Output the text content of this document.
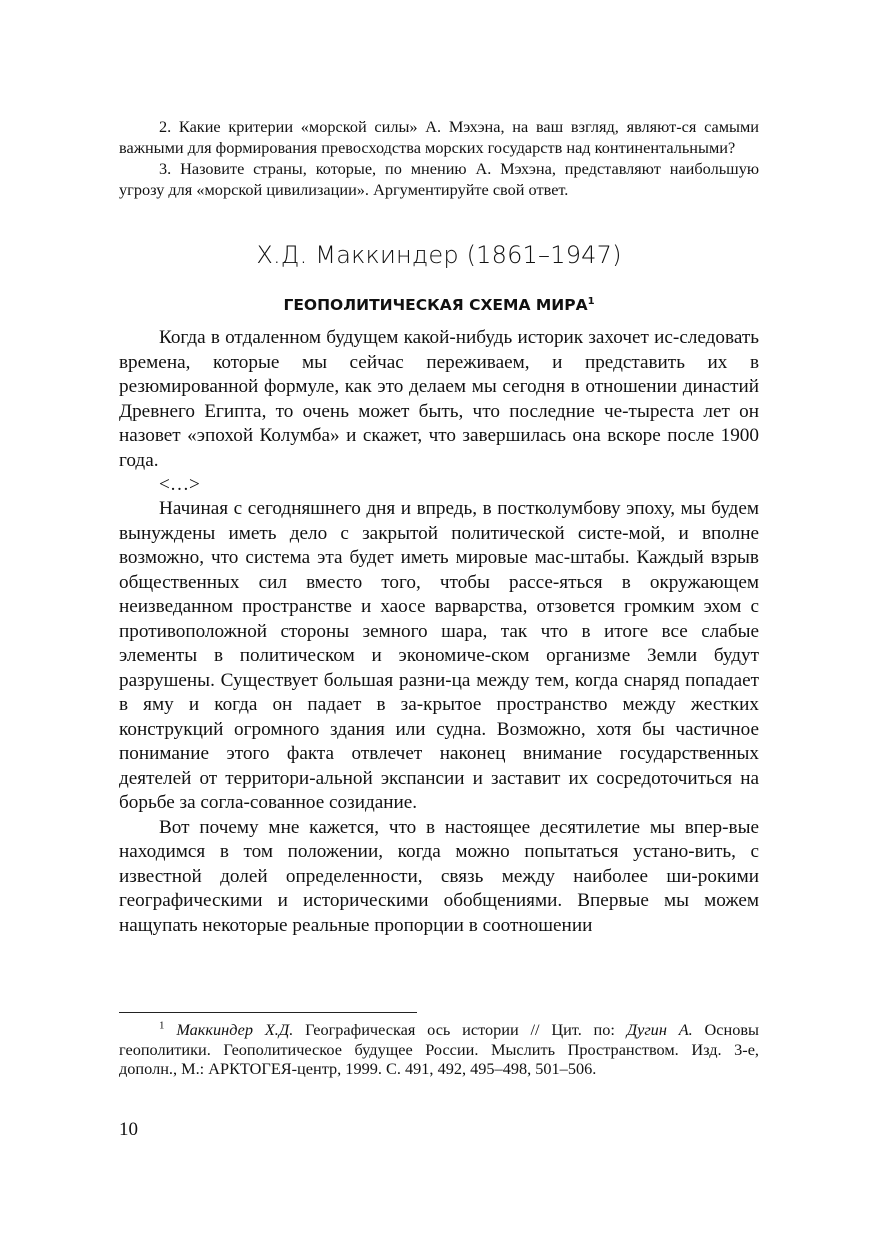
2. Какие критерии «морской силы» А. Мэхэна, на ваш взгляд, являют-ся самыми важными для формирования превосходства морских государств над континентальными?

3. Назовите страны, которые, по мнению А. Мэхэна, представляют наибольшую угрозу для «морской цивилизации». Аргументируйте свой ответ.

Х.Д. Маккиндер (1861–1947)
ГЕОПОЛИТИЧЕСКАЯ СХЕМА МИРА$^1$

Когда в отдаленном будущем какой-нибудь историк захочет ис-следовать времена, которые мы сейчас переживаем, и представить их в резюмированной формуле, как это делаем мы сегодня в отношении династий Древнего Египта, то очень может быть, что последние че-тыреста лет он назовет «эпохой Колумба» и скажет, что завершилась она вскоре после 1900 года.

<…>

Начиная с сегодняшнего дня и впредь, в постколумбову эпоху, мы будем вынуждены иметь дело с закрытой политической систе-мой, и вполне возможно, что система эта будет иметь мировые мас-штабы. Каждый взрыв общественных сил вместо того, чтобы рассе-яться в окружающем неизведанном пространстве и хаосе варварства, отзовется громким эхом с противоположной стороны земного шара, так что в итоге все слабые элементы в политическом и экономиче-ском организме Земли будут разрушены. Существует большая разни-ца между тем, когда снаряд попадает в яму и когда он падает в за-крытое пространство между жестких конструкций огромного здания или судна. Возможно, хотя бы частичное понимание этого факта отвлечет наконец внимание государственных деятелей от территори-альной экспансии и заставит их сосредоточиться на борьбе за согла-сованное созидание.

Вот почему мне кажется, что в настоящее десятилетие мы впер-вые находимся в том положении, когда можно попытаться устано-вить, с известной долей определенности, связь между наиболее ши-рокими географическими и историческими обобщениями. Впервые мы можем нащупать некоторые реальные пропорции в соотношении

$^1$ Маккиндер Х.Д. Географическая ось истории // Цит. по: Дугин А. Основы геополитики. Геополитическое будущее России. Мыслить Пространством. Изд. 3-е, дополн., М.: АРКТОГЕЯ-центр, 1999. С. 491, 492, 495–498, 501–506.
10
